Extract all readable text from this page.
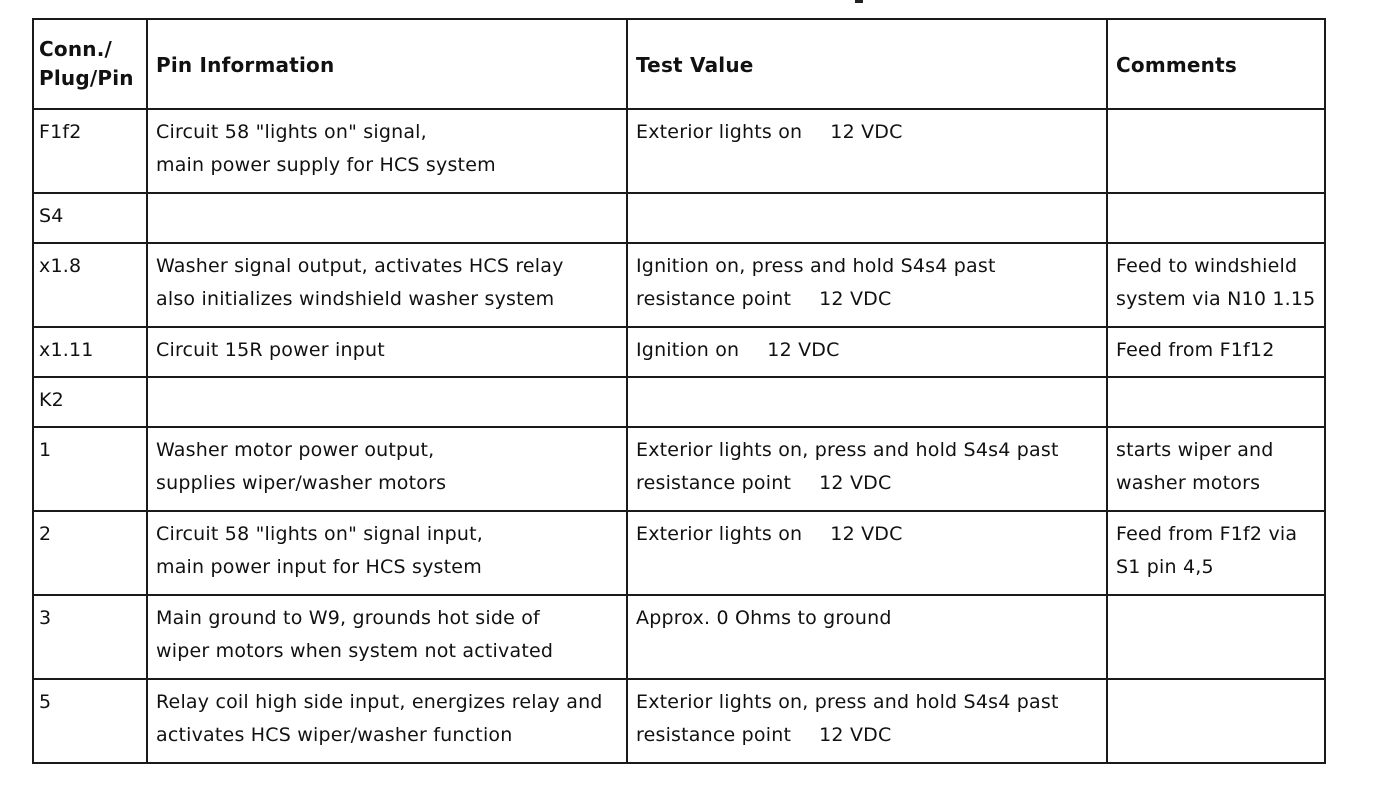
Conn./
Plug/Pin	Pin Information	Test Value	Comments
F1f2	Circuit 58 "lights on" signal,
main power supply for HCS system	Exterior lights on 12 VDC	

S4			
x1.8	Washer signal output, activates HCS relay
also initializes windshield washer system	Ignition on, press and hold S4s4 past
resistance point 12 VDC	Feed to windshield
system via N10 1.15

x1.11	Circuit 15R power input	Ignition on 12 VDC	Feed from F1f12

K2			
1	Washer motor power output,
supplies wiper/washer motors	Exterior lights on, press and hold S4s4 past
resistance point 12 VDC	starts wiper and
washer motors

2	Circuit 58 "lights on" signal input,
main power input for HCS system	Exterior lights on 12 VDC	Feed from F1f2 via
S1 pin 4,5

3	Main ground to W9, grounds hot side of
wiper motors when system not activated	Approx. 0 Ohms to ground	

5	Relay coil high side input, energizes relay and
activates HCS wiper/washer function	Exterior lights on, press and hold S4s4 past
resistance point 12 VDC	
